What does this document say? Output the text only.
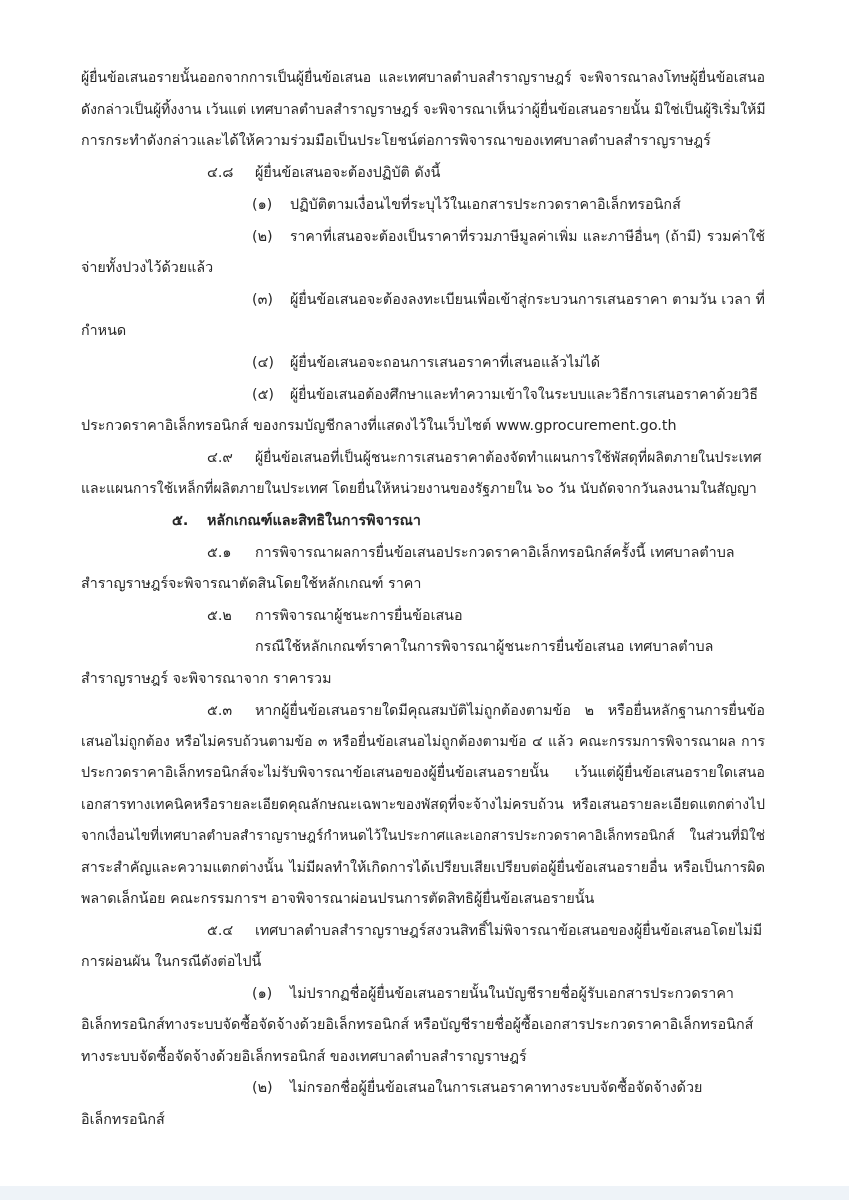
ผู้ยื่นข้อเสนอรายนั้นออกจากการเป็นผู้ยื่นข้อเสนอ และเทศบาลตำบลสำราญราษฎร์ จะพิจารณาลงโทษผู้ยื่นข้อเสนอ
ดังกล่าวเป็นผู้ทิ้งงาน เว้นแต่ เทศบาลตำบลสำราญราษฎร์ จะพิจารณาเห็นว่าผู้ยื่นข้อเสนอรายนั้น มิใช่เป็นผู้ริเริ่มให้มี
การกระทำดังกล่าวและได้ให้ความร่วมมือเป็นประโยชน์ต่อการพิจารณาของเทศบาลตำบลสำราญราษฎร์
๔.๘ ผู้ยื่นข้อเสนอจะต้องปฏิบัติ ดังนี้
(๑) ปฏิบัติตามเงื่อนไขที่ระบุไว้ในเอกสารประกวดราคาอิเล็กทรอนิกส์
(๒) ราคาที่เสนอจะต้องเป็นราคาที่รวมภาษีมูลค่าเพิ่ม และภาษีอื่นๆ (ถ้ามี) รวมค่าใช้
จ่ายทั้งปวงไว้ด้วยแล้ว
(๓) ผู้ยื่นข้อเสนอจะต้องลงทะเบียนเพื่อเข้าสู่กระบวนการเสนอราคา ตามวัน เวลา ที่
กำหนด
(๔) ผู้ยื่นข้อเสนอจะถอนการเสนอราคาที่เสนอแล้วไม่ได้
(๕) ผู้ยื่นข้อเสนอต้องศึกษาและทำความเข้าใจในระบบและวิธีการเสนอราคาด้วยวิธี
ประกวดราคาอิเล็กทรอนิกส์ ของกรมบัญชีกลางที่แสดงไว้ในเว็บไซต์ www.gprocurement.go.th
๔.๙ ผู้ยื่นข้อเสนอที่เป็นผู้ชนะการเสนอราคาต้องจัดทำแผนการใช้พัสดุที่ผลิตภายในประเทศ
และแผนการใช้เหล็กที่ผลิตภายในประเทศ โดยยื่นให้หน่วยงานของรัฐภายใน ๖๐ วัน นับถัดจากวันลงนามในสัญญา
๕. หลักเกณฑ์และสิทธิในการพิจารณา
๕.๑ การพิจารณาผลการยื่นข้อเสนอประกวดราคาอิเล็กทรอนิกส์ครั้งนี้ เทศบาลตำบล
สำราญราษฎร์จะพิจารณาตัดสินโดยใช้หลักเกณฑ์ ราคา
๕.๒ การพิจารณาผู้ชนะการยื่นข้อเสนอ
กรณีใช้หลักเกณฑ์ราคาในการพิจารณาผู้ชนะการยื่นข้อเสนอ เทศบาลตำบล
สำราญราษฎร์ จะพิจารณาจาก ราคารวม
๕.๓ หากผู้ยื่นข้อเสนอรายใดมีคุณสมบัติไม่ถูกต้องตามข้อ ๒ หรือยื่นหลักฐานการยื่นข้อ
เสนอไม่ถูกต้อง หรือไม่ครบถ้วนตามข้อ ๓ หรือยื่นข้อเสนอไม่ถูกต้องตามข้อ ๔ แล้ว คณะกรรมการพิจารณาผล การ
ประกวดราคาอิเล็กทรอนิกส์จะไม่รับพิจารณาข้อเสนอของผู้ยื่นข้อเสนอรายนั้น เว้นแต่ผู้ยื่นข้อเสนอรายใดเสนอ
เอกสารทางเทคนิคหรือรายละเอียดคุณลักษณะเฉพาะของพัสดุที่จะจ้างไม่ครบถ้วน หรือเสนอรายละเอียดแตกต่างไป
จากเงื่อนไขที่เทศบาลตำบลสำราญราษฎร์กำหนดไว้ในประกาศและเอกสารประกวดราคาอิเล็กทรอนิกส์ ในส่วนที่มิใช่
สาระสำคัญและความแตกต่างนั้น ไม่มีผลทำให้เกิดการได้เปรียบเสียเปรียบต่อผู้ยื่นข้อเสนอรายอื่น หรือเป็นการผิด
พลาดเล็กน้อย คณะกรรมการฯ อาจพิจารณาผ่อนปรนการตัดสิทธิผู้ยื่นข้อเสนอรายนั้น
๕.๔ เทศบาลตำบลสำราญราษฎร์สงวนสิทธิ์ไม่พิจารณาข้อเสนอของผู้ยื่นข้อเสนอโดยไม่มี
การผ่อนผัน ในกรณีดังต่อไปนี้
(๑) ไม่ปรากฏชื่อผู้ยื่นข้อเสนอรายนั้นในบัญชีรายชื่อผู้รับเอกสารประกวดราคา
อิเล็กทรอนิกส์ทางระบบจัดซื้อจัดจ้างด้วยอิเล็กทรอนิกส์ หรือบัญชีรายชื่อผู้ซื้อเอกสารประกวดราคาอิเล็กทรอนิกส์
ทางระบบจัดซื้อจัดจ้างด้วยอิเล็กทรอนิกส์ ของเทศบาลตำบลสำราญราษฎร์
(๒) ไม่กรอกชื่อผู้ยื่นข้อเสนอในการเสนอราคาทางระบบจัดซื้อจัดจ้างด้วย
อิเล็กทรอนิกส์
